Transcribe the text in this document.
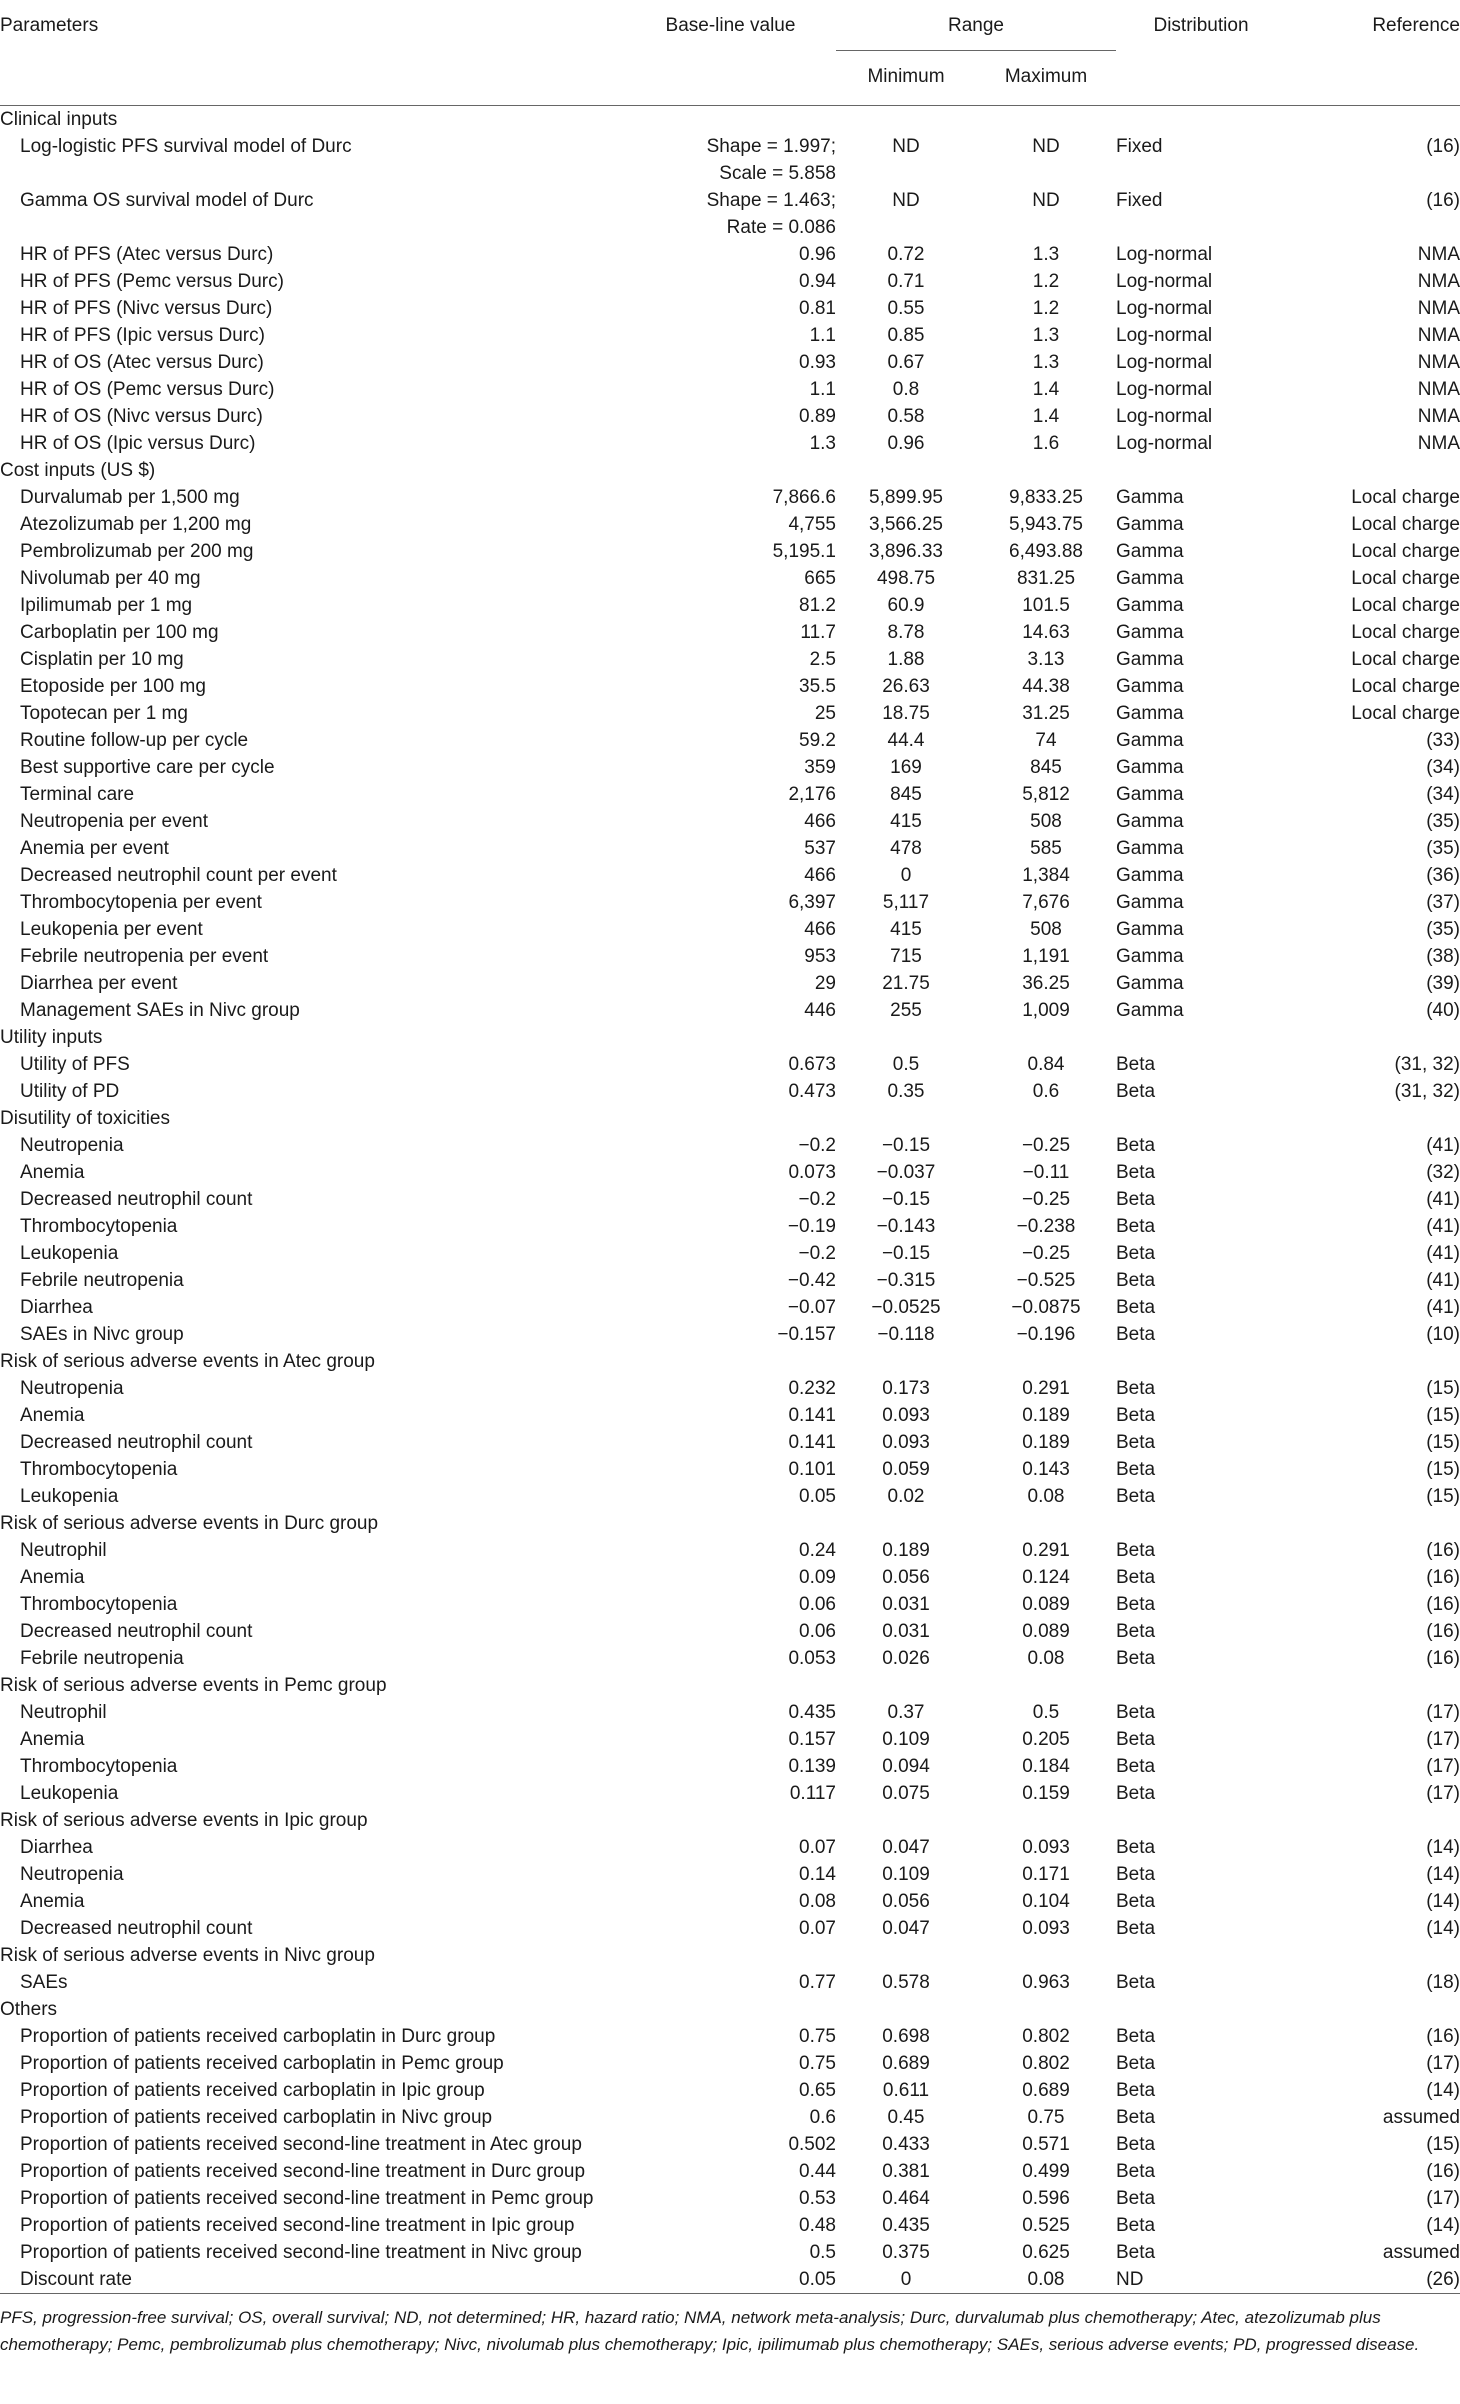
Parameters	Base-line value	Range		Distribution	Reference
		Minimum	Maximum		
Clinical inputs					
Log-logistic PFS survival model of Durc	Shape = 1.997;
Scale = 5.858	ND	ND	Fixed	(16)
Gamma OS survival model of Durc	Shape = 1.463;
Rate = 0.086	ND	ND	Fixed	(16)
HR of PFS (Atec versus Durc)	0.96	0.72	1.3	Log-normal	NMA
HR of PFS (Pemc versus Durc)	0.94	0.71	1.2	Log-normal	NMA
HR of PFS (Nivc versus Durc)	0.81	0.55	1.2	Log-normal	NMA
HR of PFS (Ipic versus Durc)	1.1	0.85	1.3	Log-normal	NMA
HR of OS (Atec versus Durc)	0.93	0.67	1.3	Log-normal	NMA
HR of OS (Pemc versus Durc)	1.1	0.8	1.4	Log-normal	NMA
HR of OS (Nivc versus Durc)	0.89	0.58	1.4	Log-normal	NMA
HR of OS (Ipic versus Durc)	1.3	0.96	1.6	Log-normal	NMA
Cost inputs (US $)					
Durvalumab per 1,500 mg	7,866.6	5,899.95	9,833.25	Gamma	Local charge
Atezolizumab per 1,200 mg	4,755	3,566.25	5,943.75	Gamma	Local charge
Pembrolizumab per 200 mg	5,195.1	3,896.33	6,493.88	Gamma	Local charge
Nivolumab per 40 mg	665	498.75	831.25	Gamma	Local charge
Ipilimumab per 1 mg	81.2	60.9	101.5	Gamma	Local charge
Carboplatin per 100 mg	11.7	8.78	14.63	Gamma	Local charge
Cisplatin per 10 mg	2.5	1.88	3.13	Gamma	Local charge
Etoposide per 100 mg	35.5	26.63	44.38	Gamma	Local charge
Topotecan per 1 mg	25	18.75	31.25	Gamma	Local charge
Routine follow-up per cycle	59.2	44.4	74	Gamma	(33)
Best supportive care per cycle	359	169	845	Gamma	(34)
Terminal care	2,176	845	5,812	Gamma	(34)
Neutropenia per event	466	415	508	Gamma	(35)
Anemia per event	537	478	585	Gamma	(35)
Decreased neutrophil count per event	466	0	1,384	Gamma	(36)
Thrombocytopenia per event	6,397	5,117	7,676	Gamma	(37)
Leukopenia per event	466	415	508	Gamma	(35)
Febrile neutropenia per event	953	715	1,191	Gamma	(38)
Diarrhea per event	29	21.75	36.25	Gamma	(39)
Management SAEs in Nivc group	446	255	1,009	Gamma	(40)
Utility inputs					
Utility of PFS	0.673	0.5	0.84	Beta	(31, 32)
Utility of PD	0.473	0.35	0.6	Beta	(31, 32)
Disutility of toxicities					
Neutropenia	−0.2	−0.15	−0.25	Beta	(41)
Anemia	0.073	−0.037	−0.11	Beta	(32)
Decreased neutrophil count	−0.2	−0.15	−0.25	Beta	(41)
Thrombocytopenia	−0.19	−0.143	−0.238	Beta	(41)
Leukopenia	−0.2	−0.15	−0.25	Beta	(41)
Febrile neutropenia	−0.42	−0.315	−0.525	Beta	(41)
Diarrhea	−0.07	−0.0525	−0.0875	Beta	(41)
SAEs in Nivc group	−0.157	−0.118	−0.196	Beta	(10)
Risk of serious adverse events in Atec group					
Neutropenia	0.232	0.173	0.291	Beta	(15)
Anemia	0.141	0.093	0.189	Beta	(15)
Decreased neutrophil count	0.141	0.093	0.189	Beta	(15)
Thrombocytopenia	0.101	0.059	0.143	Beta	(15)
Leukopenia	0.05	0.02	0.08	Beta	(15)
Risk of serious adverse events in Durc group					
Neutrophil	0.24	0.189	0.291	Beta	(16)
Anemia	0.09	0.056	0.124	Beta	(16)
Thrombocytopenia	0.06	0.031	0.089	Beta	(16)
Decreased neutrophil count	0.06	0.031	0.089	Beta	(16)
Febrile neutropenia	0.053	0.026	0.08	Beta	(16)
Risk of serious adverse events in Pemc group					
Neutrophil	0.435	0.37	0.5	Beta	(17)
Anemia	0.157	0.109	0.205	Beta	(17)
Thrombocytopenia	0.139	0.094	0.184	Beta	(17)
Leukopenia	0.117	0.075	0.159	Beta	(17)
Risk of serious adverse events in Ipic group					
Diarrhea	0.07	0.047	0.093	Beta	(14)
Neutropenia	0.14	0.109	0.171	Beta	(14)
Anemia	0.08	0.056	0.104	Beta	(14)
Decreased neutrophil count	0.07	0.047	0.093	Beta	(14)
Risk of serious adverse events in Nivc group					
SAEs	0.77	0.578	0.963	Beta	(18)
Others					
Proportion of patients received carboplatin in Durc group	0.75	0.698	0.802	Beta	(16)
Proportion of patients received carboplatin in Pemc group	0.75	0.689	0.802	Beta	(17)
Proportion of patients received carboplatin in Ipic group	0.65	0.611	0.689	Beta	(14)
Proportion of patients received carboplatin in Nivc group	0.6	0.45	0.75	Beta	assumed
Proportion of patients received second-line treatment in Atec group	0.502	0.433	0.571	Beta	(15)
Proportion of patients received second-line treatment in Durc group	0.44	0.381	0.499	Beta	(16)
Proportion of patients received second-line treatment in Pemc group	0.53	0.464	0.596	Beta	(17)
Proportion of patients received second-line treatment in Ipic group	0.48	0.435	0.525	Beta	(14)
Proportion of patients received second-line treatment in Nivc group	0.5	0.375	0.625	Beta	assumed
Discount rate	0.05	0	0.08	ND	(26)
PFS, progression-free survival; OS, overall survival; ND, not determined; HR, hazard ratio; NMA, network meta-analysis; Durc, durvalumab plus chemotherapy; Atec, atezolizumab plus chemotherapy; Pemc, pembrolizumab plus chemotherapy; Nivc, nivolumab plus chemotherapy; Ipic, ipilimumab plus chemotherapy; SAEs, serious adverse events; PD, progressed disease.
